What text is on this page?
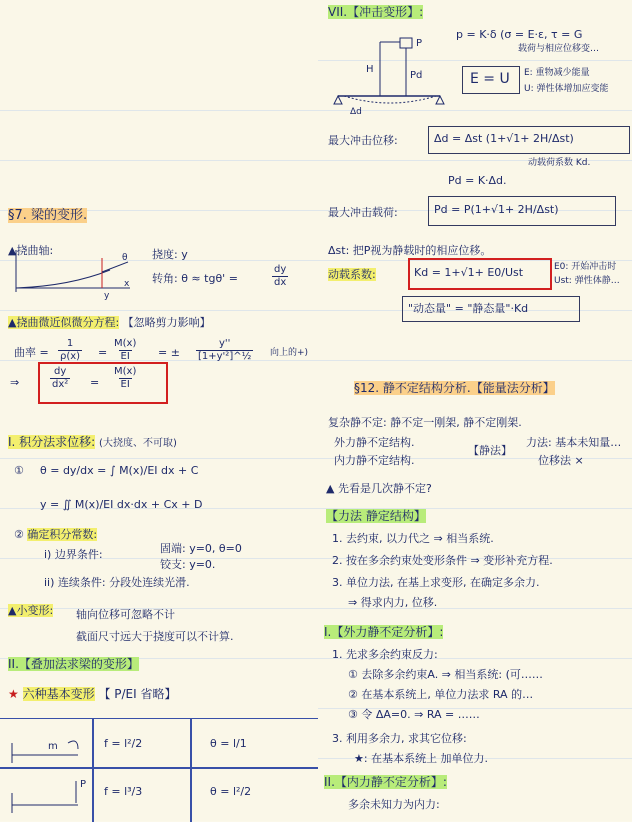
§7. 梁的变形.
▲挠曲轴:
θ
y
x
挠度: y
转角: θ ≈ tgθ' =	$\frac{dy}{dx}$
▲挠曲微近似微分方程: 【忽略剪力影响】
曲率 = $\frac{1}{\rho(x)} = \frac{M(x)}{EI}$ = ± $\frac{y''}{\text{[1+y'²]\textasciicircum{}½}}$ 向上的+)
⇒	$\frac{dy}{\text{dx²}} = \frac{M(x)}{EI}$
VII.【冲击变形】:
p = K·δ (σ = E·ε, τ = G
载荷与相应位移变…
P
H
Pd
Δd
E = U E: 重物减少能量
U: 弹性体增加应变能
最大冲击位移:	Δd = Δst (1+√1+ 2H/Δst)
动载荷系数 Kd.
Pd = K·Δd.
最大冲击载荷:	Pd = P(1+√1+ 2H/Δst)
Δst: 把P视为静载时的相应位移。
动载系数:	Kd = 1+√1+ E0/Ust	E0: 开始冲击时
Ust: 弹性体静…
"动态量" = "静态量"·Kd
I. 积分法求位移: (大挠度、不可取)
① θ = dy/dx = ∫ M(x)/EI dx + C
y = ∬ M(x)/EI dx·dx + Cx + D
② 确定积分常数:
i) 边界条件:	固端: y=0, θ=0
铰支: y=0.
ii) 连续条件: 分段处连续光滑.
▲小变形: 轴向位移可忽略不计
截面尺寸远大于挠度可以不计算.
II.【叠加法求梁的变形】
★ 六种基本变形 【 P/EI 省略】
m	f = l²/2	θ = l/1
P
f = l³/3	θ = l²/2
§12. 静不定结构分析.【能量法分析】
复杂静不定: 静不定一刚架, 静不定刚架.
外力静不定结构.
内力静不定结构.
【静法】
力法: 基本未知量…
位移法 ×
▲ 先看是几次静不定?
【力法 静定结构】
1. 去约束, 以力代之 ⇒ 相当系统.
2. 按在多余约束处变形条件 ⇒ 变形补充方程.
3. 单位力法, 在基上求变形, 在确定多余力.
⇒ 得求内力, 位移.
I.【外力静不定分析】:
1. 先求多余约束反力:
① 去除多余约束A. ⇒ 相当系统: (可……
② 在基本系统上, 单位力法求 RA 的…
③ 令 ΔA=0. ⇒ RA = ……
3. 利用多余力, 求其它位移:
★: 在基本系统上 加单位力.
II.【内力静不定分析】:
多余未知力为内力:
